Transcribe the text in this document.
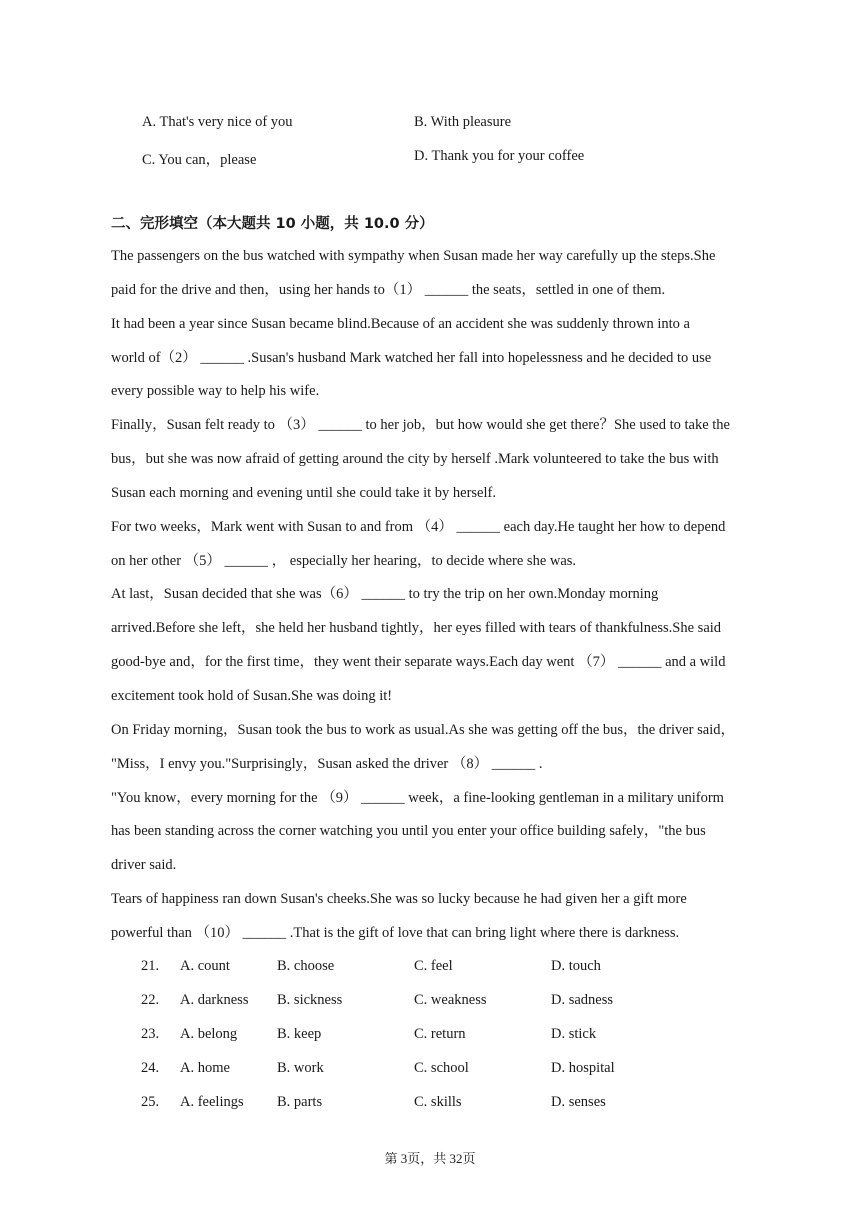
A. That's very nice of you	B. With pleasure
C. You can，please	D. Thank you for your coffee
二、完形填空（本大题共 10 小题，共 10.0 分）
The passengers on the bus watched with sympathy when Susan made her way carefully up the steps.She
paid for the drive and then，using her hands to（1） ______ the seats，settled in one of them.
It had been a year since Susan became blind.Because of an accident she was suddenly thrown into a
world of（2） ______ .Susan's husband Mark watched her fall into hopelessness and he decided to use
every possible way to help his wife.
Finally，Susan felt ready to （3） ______ to her job，but how would she get there？She used to take the
bus，but she was now afraid of getting around the city by herself .Mark volunteered to take the bus with
Susan each morning and evening until she could take it by herself.
For two weeks，Mark went with Susan to and from （4） ______ each day.He taught her how to depend
on her other （5） ______ ， especially her hearing，to decide where she was.
At last，Susan decided that she was（6） ______ to try the trip on her own.Monday morning
arrived.Before she left，she held her husband tightly，her eyes filled with tears of thankfulness.She said
good-bye and，for the first time，they went their separate ways.Each day went （7） ______ and a wild
excitement took hold of Susan.She was doing it!
On Friday morning，Susan took the bus to work as usual.As she was getting off the bus，the driver said，
"Miss，I envy you."Surprisingly，Susan asked the driver （8） ______ .
"You know，every morning for the （9） ______ week，a fine-looking gentleman in a military uniform
has been standing across the corner watching you until you enter your office building safely，"the bus
driver said.
Tears of happiness ran down Susan's cheeks.She was so lucky because he had given her a gift more
powerful than （10） ______ .That is the gift of love that can bring light where there is darkness.
21. A. count	B. choose	C. feel	D. touch
22. A. darkness B. sickness	C. weakness	D. sadness
23. A. belong	B. keep	C. return	D. stick
24. A. home	B. work	C. school	D. hospital
25. A. feelings B. parts	C. skills	D. senses
第 3页，共 32页
